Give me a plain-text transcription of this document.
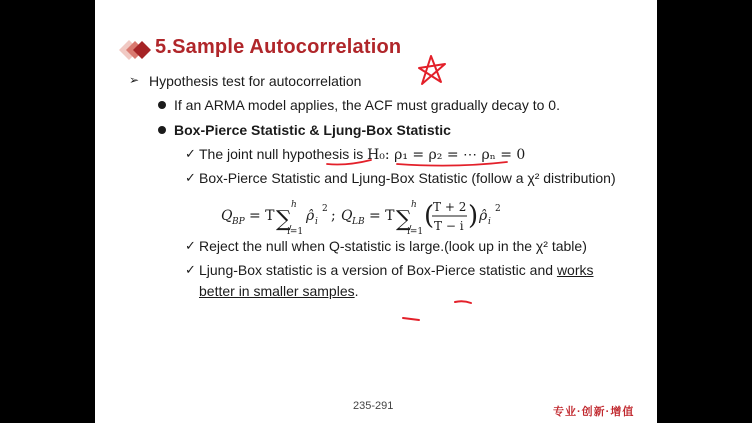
5.Sample Autocorrelation
➢ Hypothesis test for autocorrelation
If an ARMA model applies, the ACF must gradually decay to 0.
Box-Pierce Statistic & Ljung-Box Statistic
✓ The joint null hypothesis is H₀: ρ₁ = ρ₂ = ⋯ ρₙ = 0
✓ Box-Pierce Statistic and Ljung-Box Statistic (follow a χ² distribution)
Q BP = T ∑
h
i=1
ρ̂ i
2 ; Q LB = T ∑
h
i=1
(
T + 2
T − i ) ρ̂ i
2
✓ Reject the null when Q-statistic is large.(look up in the χ² table)
✓ Ljung-Box statistic is a version of Box-Pierce statistic and works
better in smaller samples.
235-291	专业·创新·增值
